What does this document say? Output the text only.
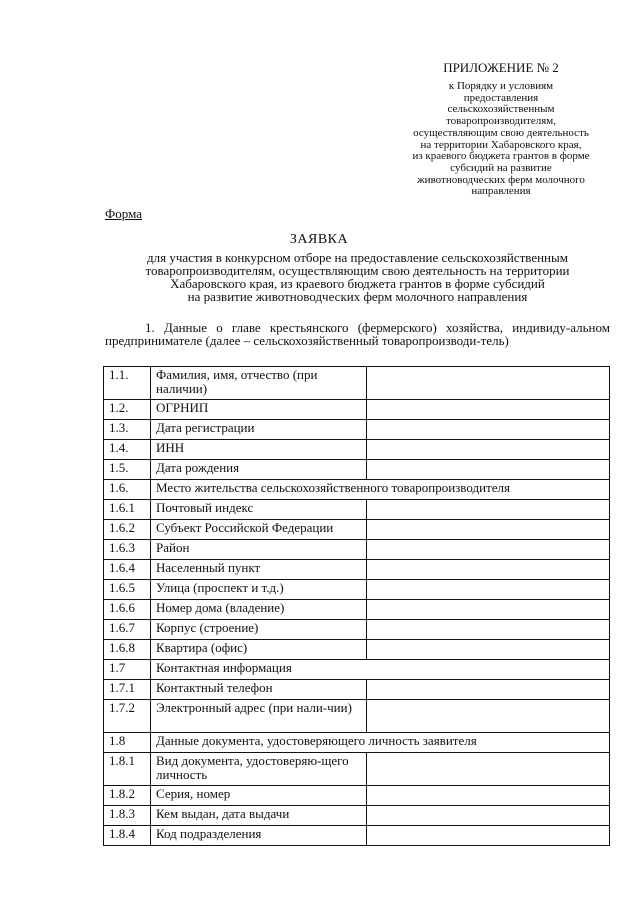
ПРИЛОЖЕНИЕ № 2
к Порядку и условиям
предоставления
сельскохозяйственным
товаропроизводителям,
осуществляющим свою деятельность
на территории Хабаровского края,
из краевого бюджета грантов в форме
субсидий на развитие
животноводческих ферм молочного
направления
Форма
ЗАЯВКА
для участия в конкурсном отборе на предоставление сельскохозяйственным
товаропроизводителям, осуществляющим свою деятельность на территории
Хабаровского края, из краевого бюджета грантов в форме субсидий
на развитие животноводческих ферм молочного направления
1. Данные о главе крестьянского (фермерского) хозяйства, индивиду-альном предпринимателе (далее – сельскохозяйственный товаропроизводи-тель)
1.1.	Фамилия, имя, отчество (при наличии)	
1.2.	ОГРНИП	
1.3.	Дата регистрации	
1.4.	ИНН	
1.5.	Дата рождения	
1.6.	Место жительства сельскохозяйственного товаропроизводителя	
1.6.1	Почтовый индекс	
1.6.2	Субъект Российской Федерации	
1.6.3	Район	
1.6.4	Населенный пункт	
1.6.5	Улица (проспект и т.д.)	
1.6.6	Номер дома (владение)	
1.6.7	Корпус (строение)	
1.6.8	Квартира (офис)	
1.7	Контактная информация	
1.7.1	Контактный телефон	
1.7.2	Электронный адрес (при нали-чии)	
1.8	Данные документа, удостоверяющего личность заявителя	
1.8.1	Вид документа, удостоверяю-щего личность	
1.8.2	Серия, номер	
1.8.3	Кем выдан, дата выдачи	
1.8.4	Код подразделения	
